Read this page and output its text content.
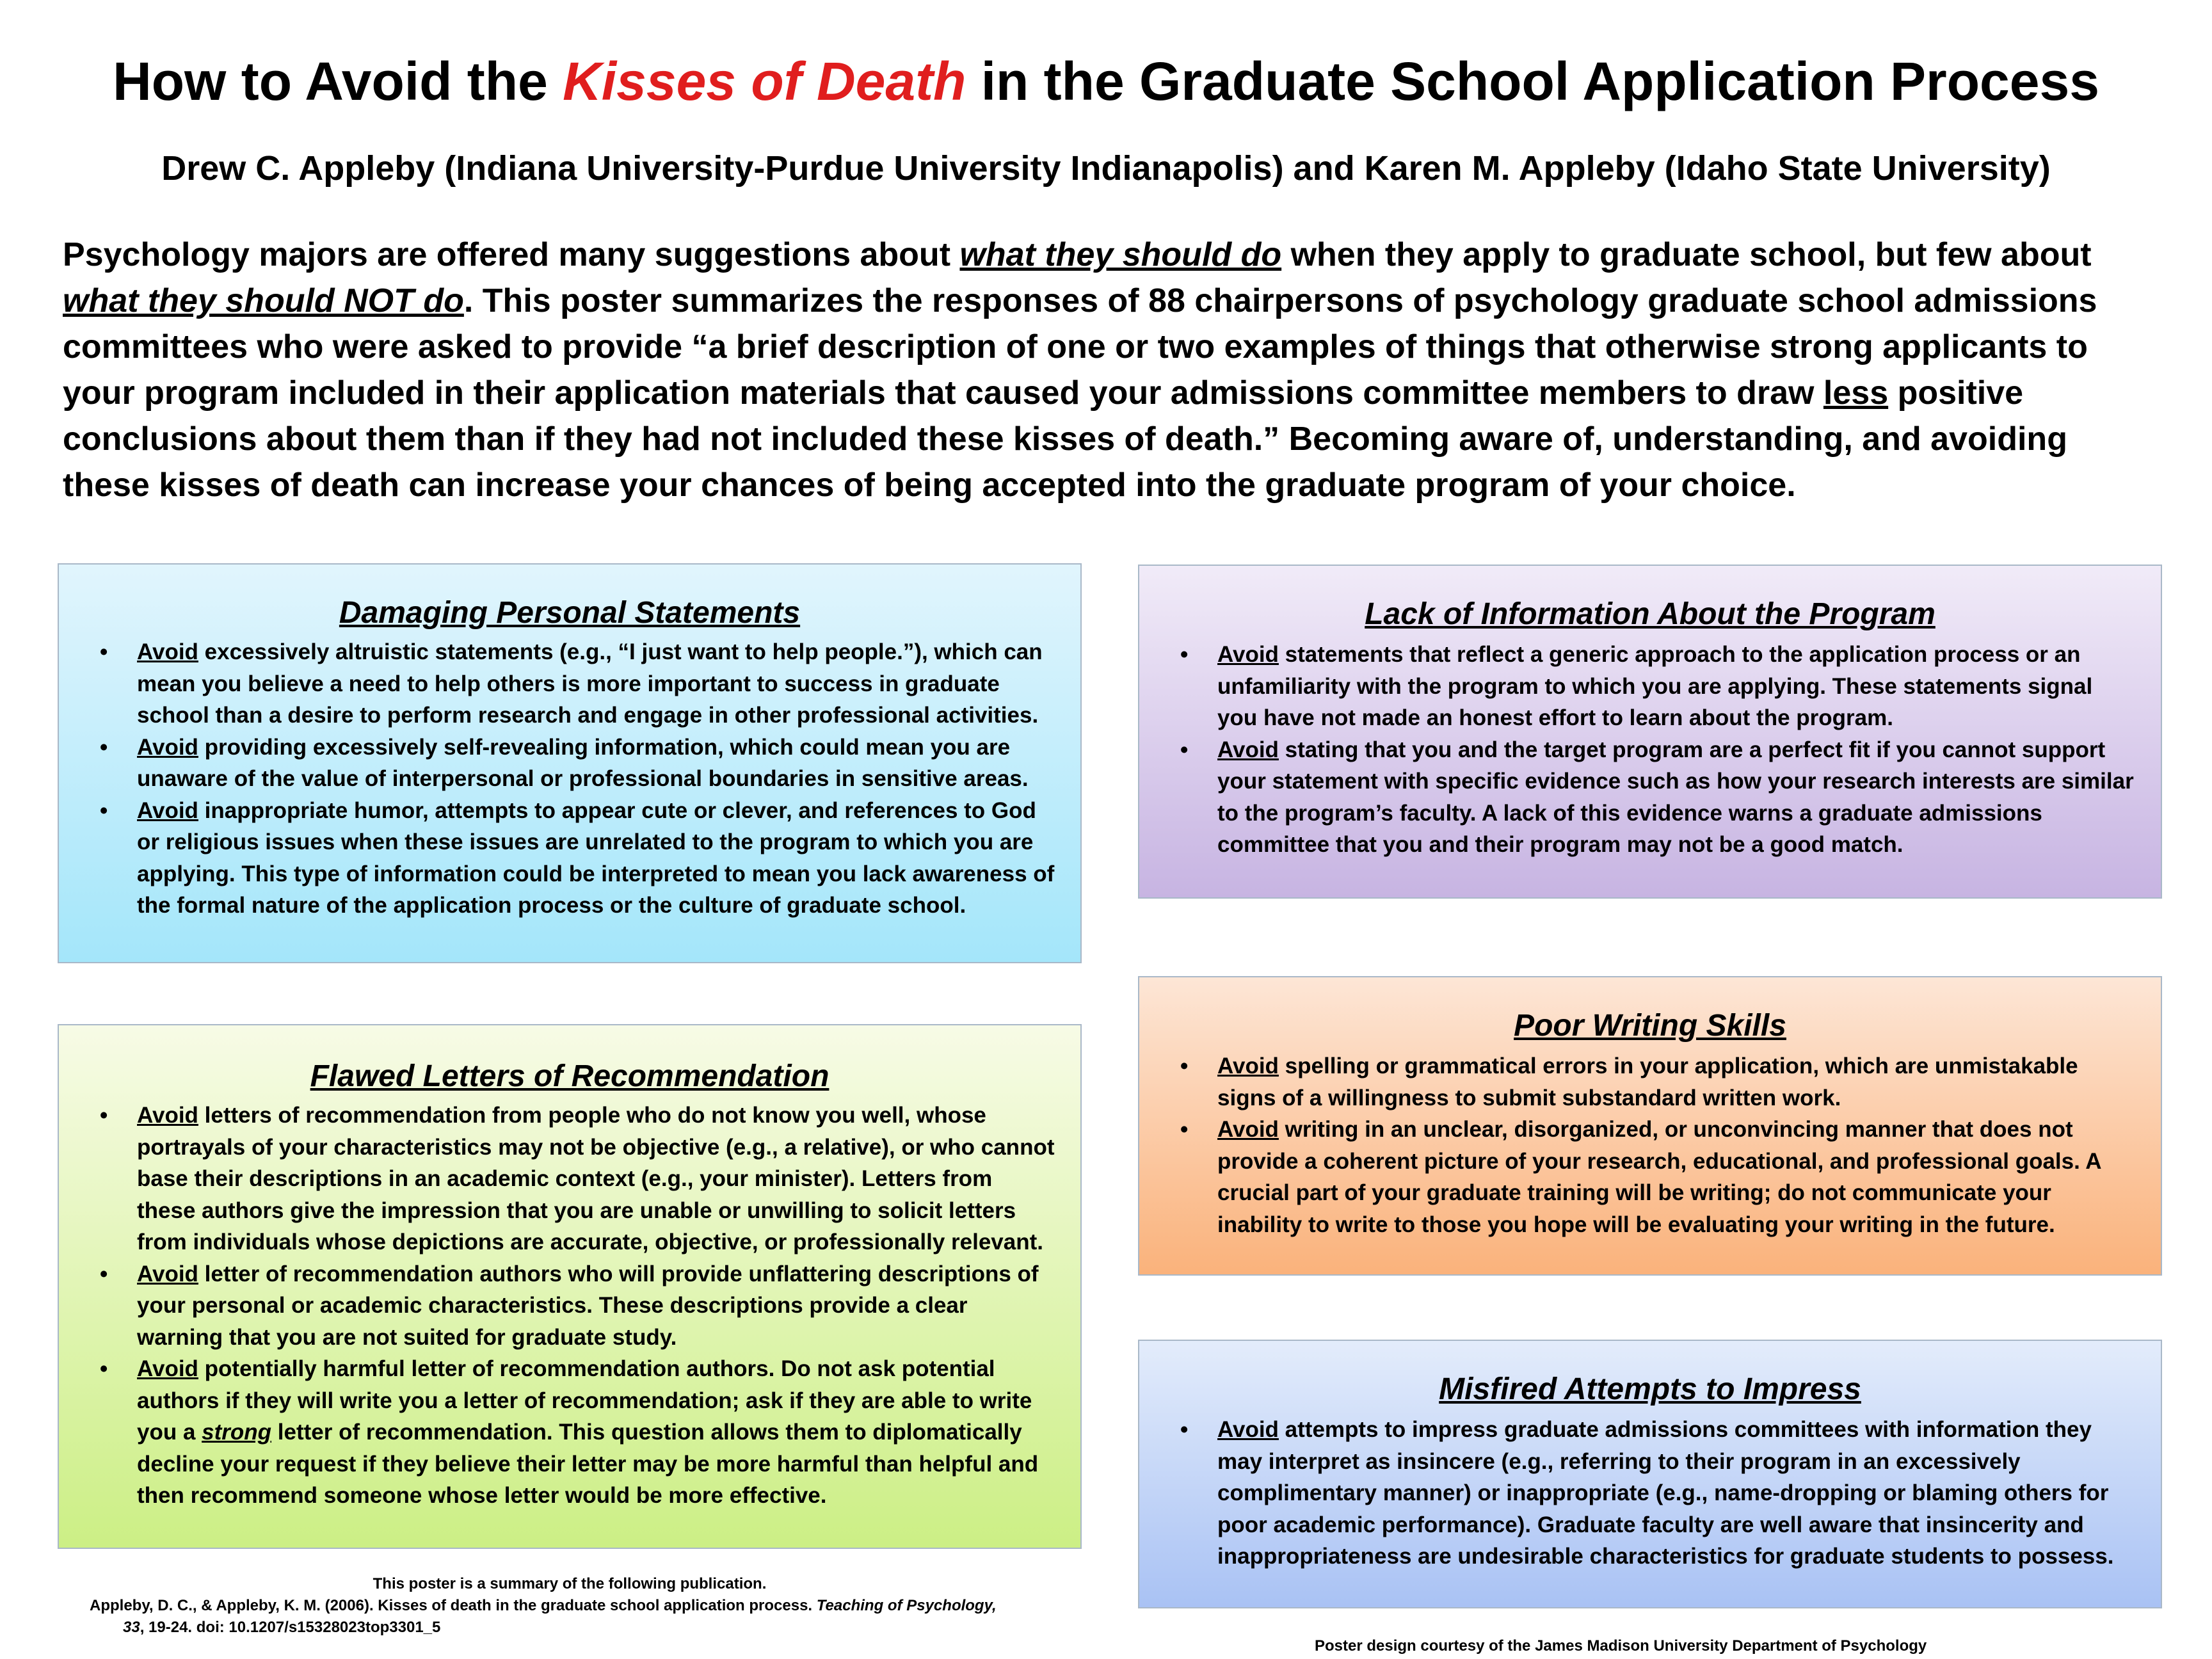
How to Avoid the Kisses of Death in the Graduate School Application Process
Drew C. Appleby (Indiana University-Purdue University Indianapolis) and Karen M. Appleby (Idaho State University)
Psychology majors are offered many suggestions about what they should do when they apply to graduate school, but few about what they should NOT do. This poster summarizes the responses of 88 chairpersons of psychology graduate school admissions committees who were asked to provide “a brief description of one or two examples of things that otherwise strong applicants to your program included in their application materials that caused your admissions committee members to draw less positive conclusions about them than if they had not included these kisses of death.” Becoming aware of, understanding, and avoiding these kisses of death can increase your chances of being accepted into the graduate program of your choice.
Damaging Personal Statements
• Avoid excessively altruistic statements (e.g., “I just want to help people.”), which can mean you believe a need to help others is more important to success in graduate school than a desire to perform research and engage in other professional activities.
• Avoid providing excessively self-revealing information, which could mean you are unaware of the value of interpersonal or professional boundaries in sensitive areas.
• Avoid inappropriate humor, attempts to appear cute or clever, and references to God or religious issues when these issues are unrelated to the program to which you are applying. This type of information could be interpreted to mean you lack awareness of the formal nature of the application process or the culture of graduate school.
Flawed Letters of Recommendation
• Avoid letters of recommendation from people who do not know you well, whose portrayals of your characteristics may not be objective (e.g., a relative), or who cannot base their descriptions in an academic context (e.g., your minister). Letters from these authors give the impression that you are unable or unwilling to solicit letters from individuals whose depictions are accurate, objective, or professionally relevant.
• Avoid letter of recommendation authors who will provide unflattering descriptions of your personal or academic characteristics. These descriptions provide a clear warning that you are not suited for graduate study.
• Avoid potentially harmful letter of recommendation authors. Do not ask potential authors if they will write you a letter of recommendation; ask if they are able to write you a strong letter of recommendation. This question allows them to diplomatically decline your request if they believe their letter may be more harmful than helpful and then recommend someone whose letter would be more effective.
Lack of Information About the Program
• Avoid statements that reflect a generic approach to the application process or an unfamiliarity with the program to which you are applying. These statements signal you have not made an honest effort to learn about the program.
• Avoid stating that you and the target program are a perfect fit if you cannot support your statement with specific evidence such as how your research interests are similar to the program’s faculty. A lack of this evidence warns a graduate admissions committee that you and their program may not be a good match.
Poor Writing Skills
• Avoid spelling or grammatical errors in your application, which are unmistakable signs of a willingness to submit substandard written work.
• Avoid writing in an unclear, disorganized, or unconvincing manner that does not provide a coherent picture of your research, educational, and professional goals. A crucial part of your graduate training will be writing; do not communicate your inability to write to those you hope will be evaluating your writing in the future.
Misfired Attempts to Impress
• Avoid attempts to impress graduate admissions committees with information they may interpret as insincere (e.g., referring to their program in an excessively complimentary manner) or inappropriate (e.g., name-dropping or blaming others for poor academic performance). Graduate faculty are well aware that insincerity and inappropriateness are undesirable characteristics for graduate students to possess.
This poster is a summary of the following publication.
Appleby, D. C., & Appleby, K. M. (2006). Kisses of death in the graduate school application process. Teaching of Psychology,
33, 19-24. doi: 10.1207/s15328023top3301_5
Poster design courtesy of the James Madison University Department of Psychology
